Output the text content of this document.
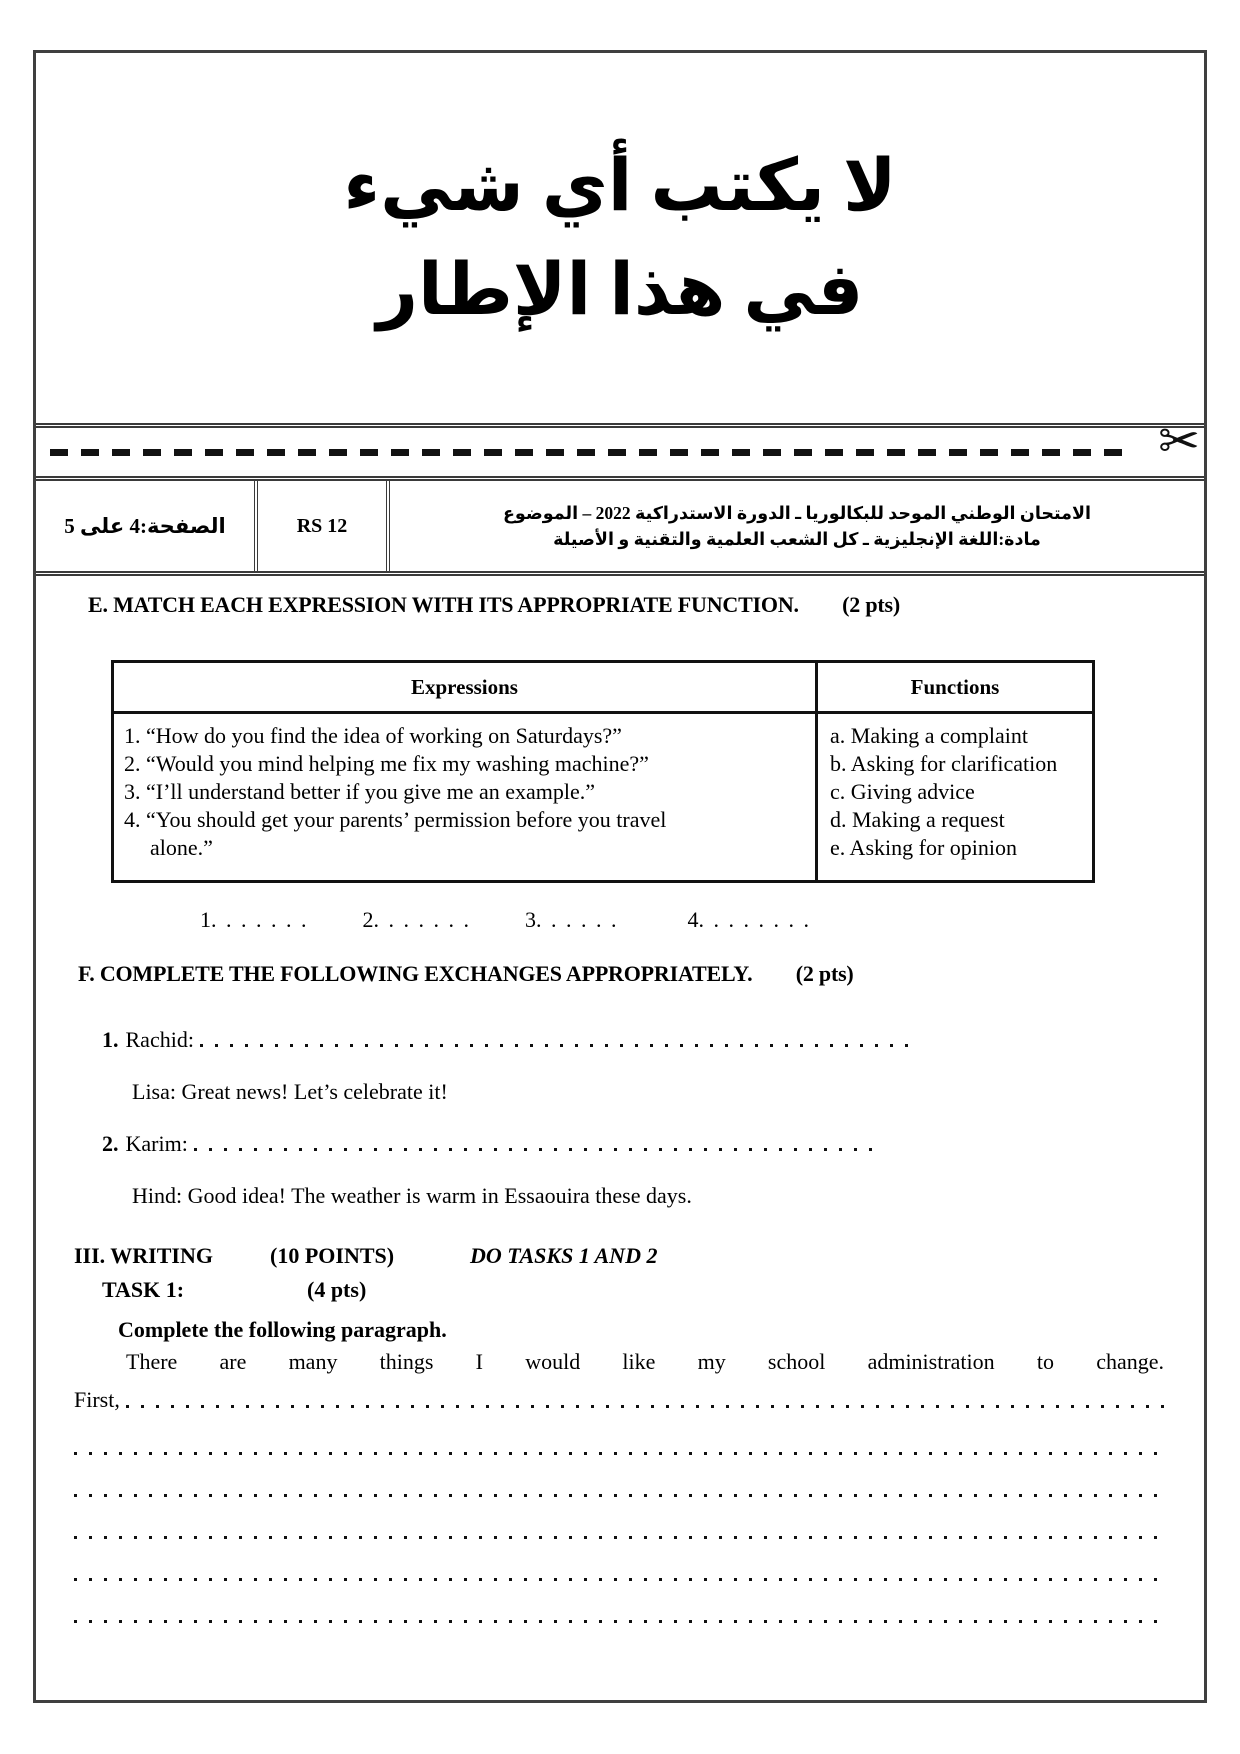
لا يكتب أي شيء
في هذا الإطار
✂
الصفحة:4 على 5	RS 12
الامتحان الوطني الموحد للبكالوريا ـ الدورة الاستدراكية 2022 – الموضوع
مادة:اللغة الإنجليزية ـ كل الشعب العلمية والتقنية و الأصيلة
E. MATCH EACH EXPRESSION WITH ITS APPROPRIATE FUNCTION. (2 pts)
Expressions	Functions

1. “How do you find the idea of working on Saturdays?”
2. “Would you mind helping me fix my washing machine?”
3. “I’ll understand better if you give me an example.”
4. “You should get your parents’ permission before you travel
alone.”

a. Making a complaint
b. Asking for clarification
c. Giving advice
d. Making a request
e. Asking for opinion
1. . . . . . .	2. . . . . . .	3. . . . . .	4. . . . . . . .
F. COMPLETE THE FOLLOWING EXCHANGES APPROPRIATELY. (2 pts)
1. Rachid:
Lisa: Great news! Let’s celebrate it!
2. Karim:
Hind: Good idea! The weather is warm in Essaouira these days.
III. WRITING	(10 POINTS)	DO TASKS 1 AND 2
TASK 1:	(4 pts)
Complete the following paragraph.
There are many things I would like my school administration to change.
First,
